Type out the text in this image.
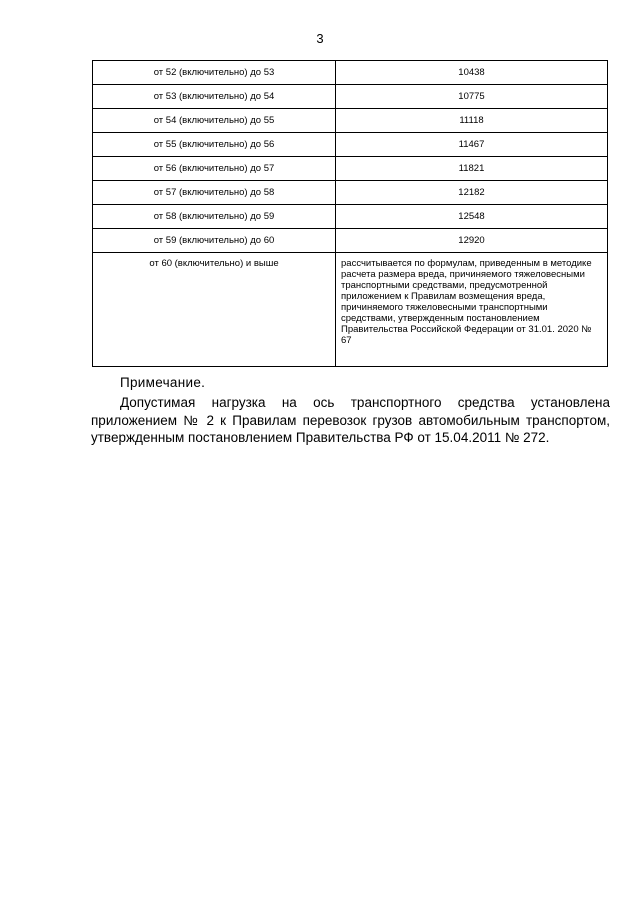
3
от 52 (включительно) до 53	10438
от 53 (включительно) до 54	10775
от 54 (включительно) до 55	11118
от 55 (включительно) до 56	11467
от 56 (включительно) до 57	11821
от 57 (включительно) до 58	12182
от 58 (включительно) до 59	12548
от 59 (включительно) до 60	12920
от 60 (включительно) и выше	рассчитывается по формулам, приведенным в методике расчета размера вреда, причиняемого тяжеловесными транспортными средствами, предусмотренной приложением к Правилам возмещения вреда, причиняемого тяжеловесными транспортными средствами, утвержденным постановлением Правительства Российской Федерации от 31.01. 2020 № 67
Примечание.
Допустимая нагрузка на ось транспортного средства установлена приложением № 2 к Правилам перевозок грузов автомобильным транспортом, утвержденным постановлением Правительства РФ от 15.04.2011 № 272.
